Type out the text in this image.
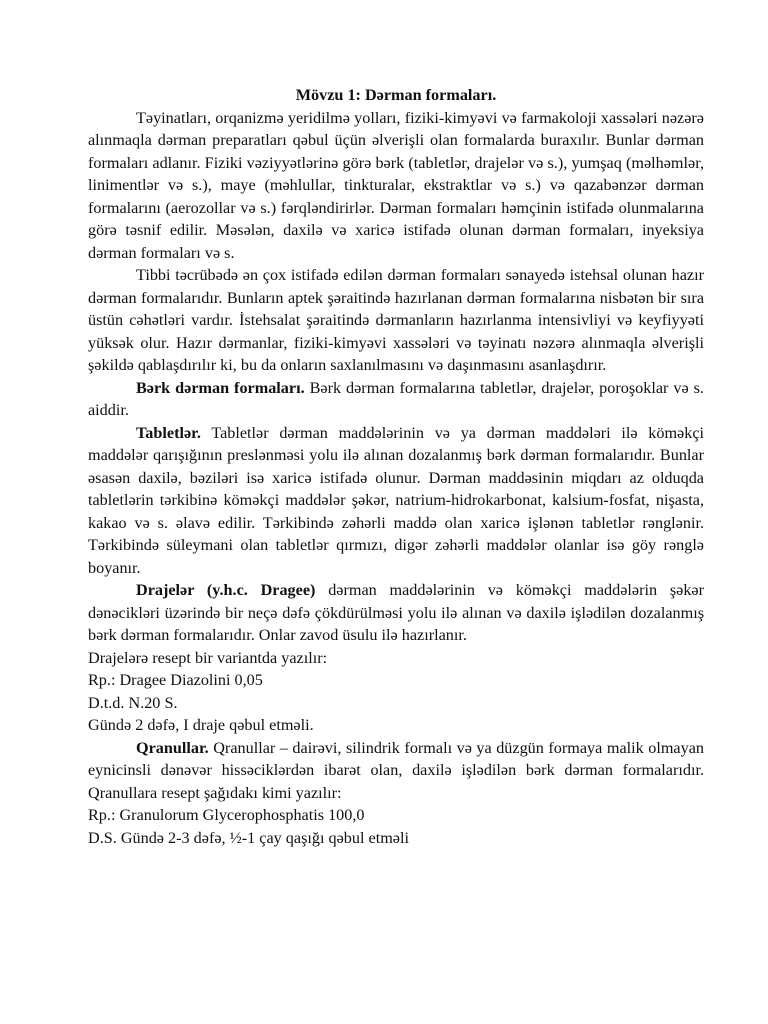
Mövzu 1: Dərman formaları.

Təyinatları, orqanizmə yeridilmə yolları, fiziki-kimyəvi və farmakoloji xassələri nəzərə alınmaqla dərman preparatları qəbul üçün əlverişli olan formalarda buraxılır. Bunlar dərman formaları adlanır. Fiziki vəziyyətlərinə görə bərk (tabletlər, drajelər və s.), yumşaq (məlhəmlər, linimentlər və s.), maye (məhlullar, tinkturalar, ekstraktlar və s.) və qazabənzər dərman formalarını (aerozollar və s.) fərqləndirirlər. Dərman formaları həmçinin istifadə olunmalarına görə təsnif edilir. Məsələn, daxilə və xaricə istifadə olunan dərman formaları, inyeksiya dərman formaları və s.

Tibbi təcrübədə ən çox istifadə edilən dərman formaları sənayedə istehsal olunan hazır dərman formalarıdır. Bunların aptek şəraitində hazırlanan dərman formalarına nisbətən bir sıra üstün cəhətləri vardır. İstehsalat şəraitində dərmanların hazırlanma intensivliyi və keyfiyyəti yüksək olur. Hazır dərmanlar, fiziki-kimyəvi xassələri və təyinatı nəzərə alınmaqla əlverişli şəkildə qablaşdırılır ki, bu da onların saxlanılmasını və daşınmasını asanlaşdırır.

Bərk dərman formaları. Bərk dərman formalarına tabletlər, drajelər, poroşoklar və s. aiddir.

Tabletlər. Tabletlər dərman maddələrinin və ya dərman maddələri ilə köməkçi maddələr qarışığının preslənməsi yolu ilə alınan dozalanmış bərk dərman formalarıdır. Bunlar əsasən daxilə, bəziləri isə xaricə istifadə olunur. Dərman maddəsinin miqdarı az olduqda tabletlərin tərkibinə köməkçi maddələr şəkər, natrium-hidrokarbonat, kalsium-fosfat, nişasta, kakao və s. əlavə edilir. Tərkibində zəhərli maddə olan xaricə işlənən tabletlər rənglənir. Tərkibində süleymani olan tabletlər qırmızı, digər zəhərli maddələr olanlar isə göy rənglə boyanır.

Drajelər (y.h.c. Dragee) dərman maddələrinin və köməkçi maddələrin şəkər dənəcikləri üzərində bir neçə dəfə çökdürülməsi yolu ilə alınan və daxilə işlədilən dozalanmış bərk dərman formalarıdır. Onlar zavod üsulu ilə hazırlanır.

Drajelərə resept bir variantda yazılır:

Rp.: Dragee Diazolini 0,05

D.t.d. N.20 S.

Gündə 2 dəfə, I draje qəbul etməli.

Qranullar. Qranullar – dairəvi, silindrik formalı və ya düzgün formaya malik olmayan eynicinsli dənəvər hissəciklərdən ibarət olan, daxilə işlədilən bərk dərman formalarıdır. Qranullara resept şağıdakı kimi yazılır:

Rp.: Granulorum Glycerophosphatis 100,0

D.S. Gündə 2-3 dəfə, ½-1 çay qaşığı qəbul etməli
